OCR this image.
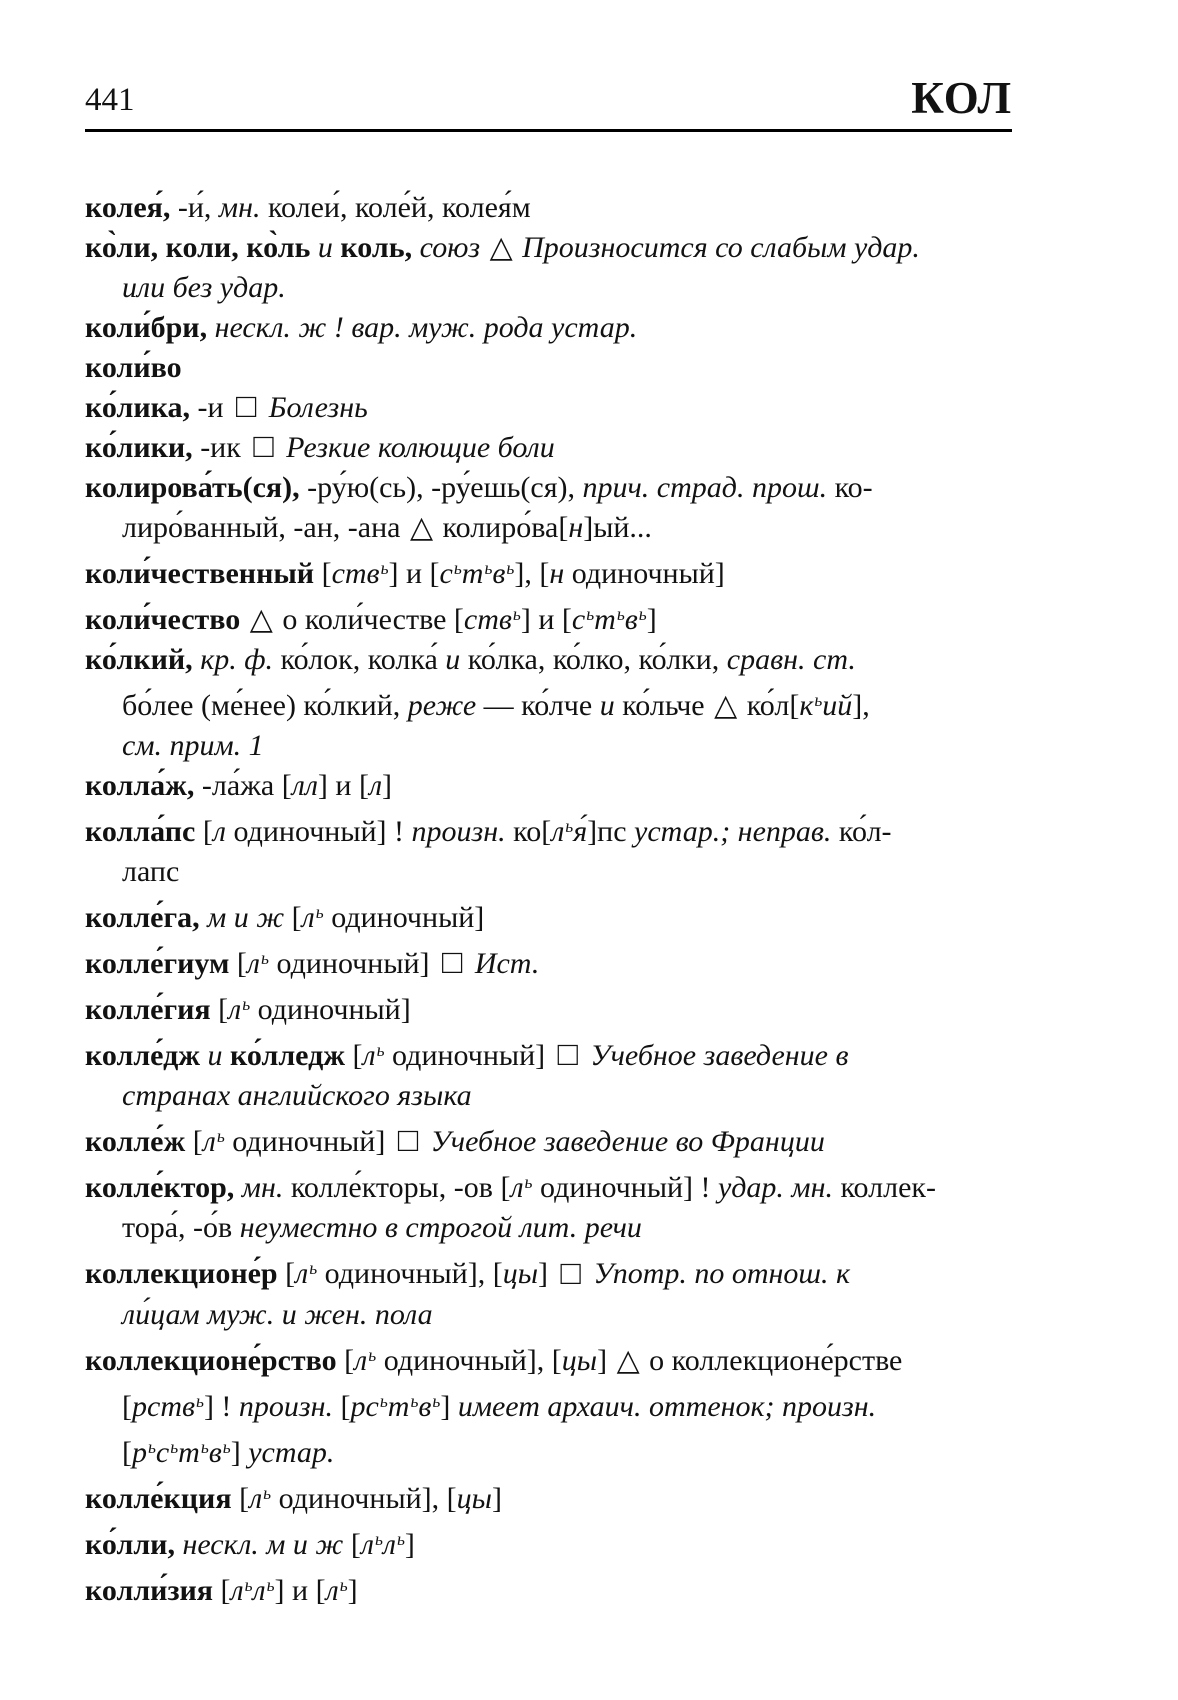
441	КОЛ
колея́, -и́, мн. колеи́, коле́й, колея́м
ко̀ли, коли, ко̀ль и коль, союз △ Произносится со слабым удар.
или без удар.
коли́бри, нескл. ж ! вар. муж. рода устар.
коли́во
ко́лика, -и □ Болезнь
ко́лики, -ик □ Резкие колющие боли
колирова́ть(ся), -ру́ю(сь), -ру́ешь(ся), прич. страд. прош. ко-
лиро́ванный, -ан, -ана △ колиро́ва[н]ый...
коли́чественный [ств$^ь$] и $[с^ьт^ьв^ь]$, [н одиночный]
коли́чество △ о коли́честве [ств$^ь$] и $[с^ьт^ьв^ь]$
ко́лкий, кр. ф. ко́лок, колка́ и ко́лка, ко́лко, ко́лки, сравн. ст.
бо́лее (ме́нее) ко́лкий, реже — ко́лче и ко́льче △ $ко́л[к^ьий]$,
см. прим. 1
колла́ж, -ла́жа [лл] и [л]
колла́пс [л одиночный] ! произн. $ко[л^ья́]пс$ устар.; неправ. ко́л-
лапс
колле́га, м и ж [$л^ь$ одиночный]
колле́гиум [$л^ь$ одиночный] □ Ист.
колле́гия [$л^ь$ одиночный]
колле́дж и ко́лледж [$л^ь$ одиночный] □ Учебное заведение в
странах английского языка
колле́ж [$л^ь$ одиночный] □ Учебное заведение во Франции
колле́ктор, мн. колле́кторы, -ов [$л^ь$ одиночный] ! удар. мн. коллек-
тора́, -о́в неуместно в строгой лит. речи
коллекционе́р [$л^ь$ одиночный], [цы] □ Употр. по отнош. к
ли́цам муж. и жен. пола
коллекционе́рство [$л^ь$ одиночный], [цы] △ о коллекционе́рстве
[рств$^ь$] ! произн. $[рс^ьт^ьв^ь]$ имеет архаич. оттенок; произн.
$[р^ьс^ьт^ьв^ь]$ устар.
колле́кция [$л^ь$ одиночный], [цы]
ко́лли, нескл. м и ж $[л^ьл^ь]$
колли́зия $[л^ьл^ь]$ и $[л^ь]$
